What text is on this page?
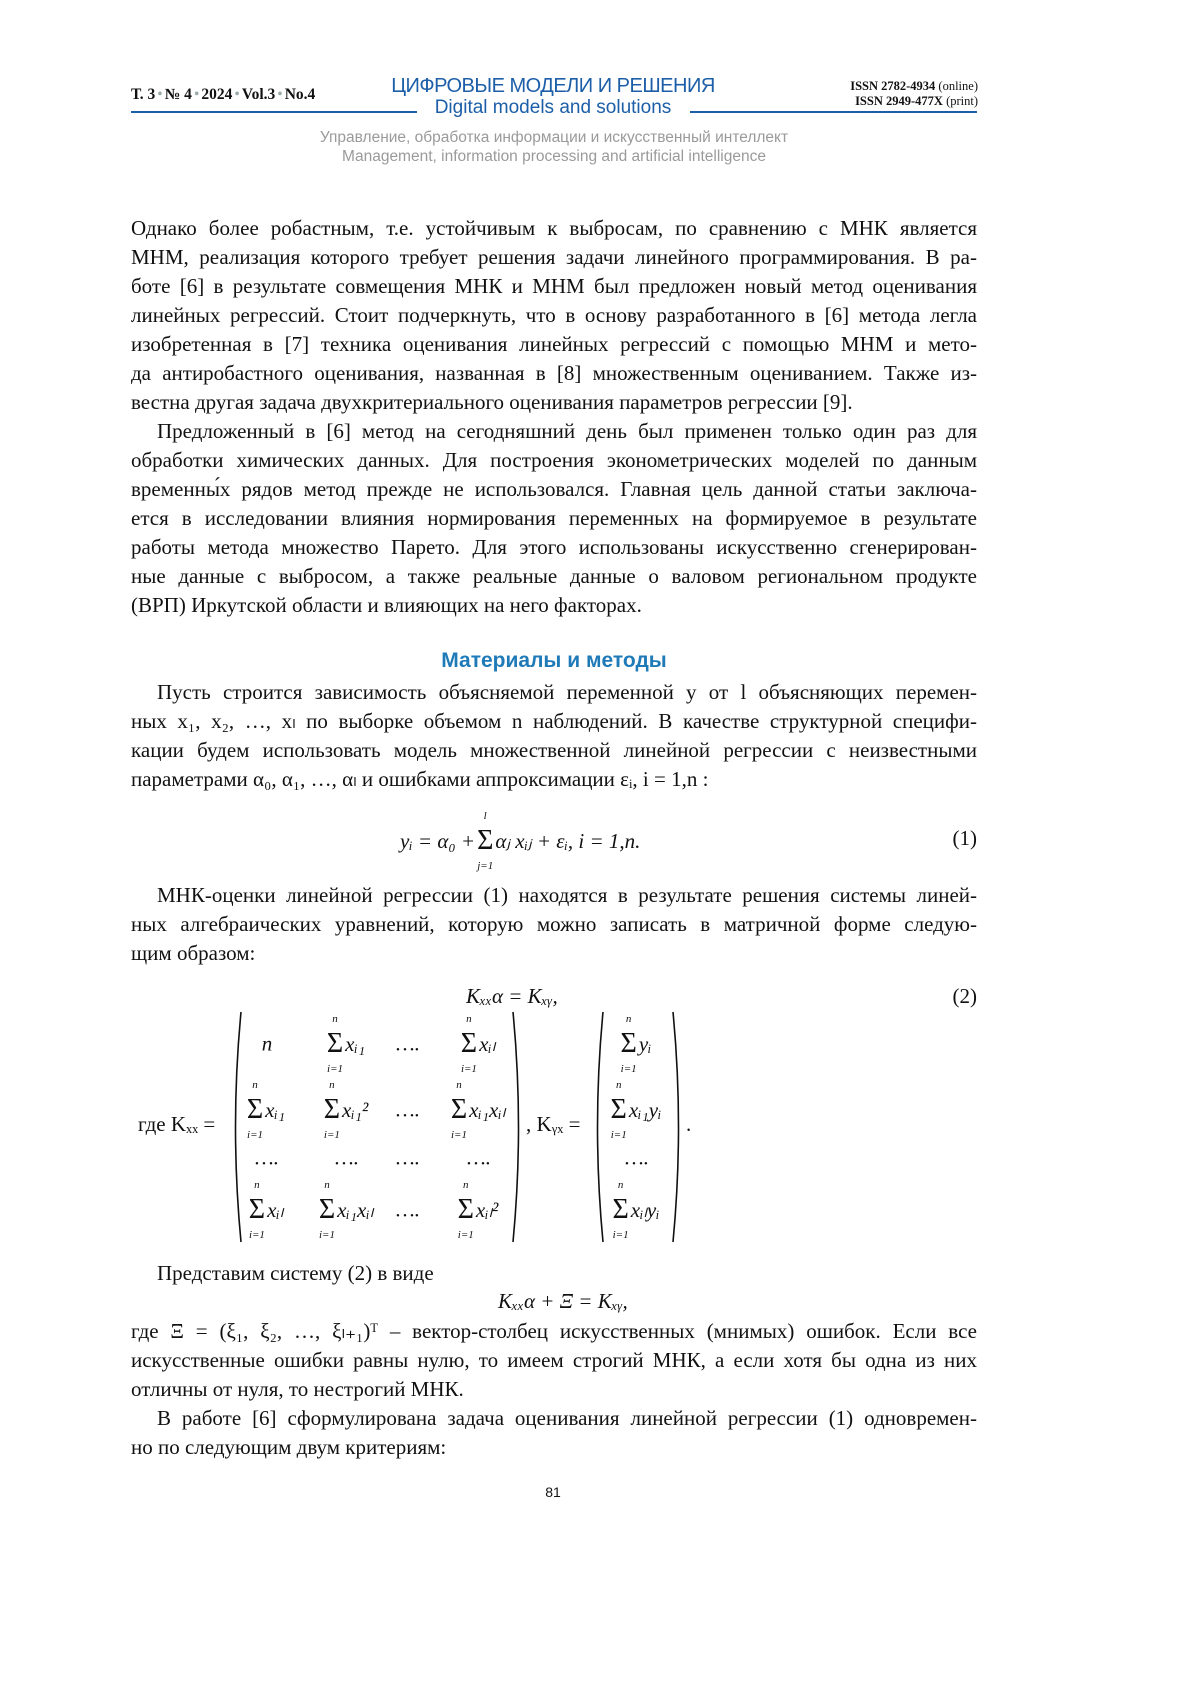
Т. 3 • № 4 • 2024 • Vol.3 • No.4	ЦИФРОВЫЕ МОДЕЛИ И РЕШЕНИЯ
Digital models and solutions
ISSN 2782-4934 (online)
ISSN 2949-477X (print)
Управление, обработка информации и искусственный интеллект
Management, information processing and artificial intelligence
Материалы и методы
yᵢ = α₀ +
l
Σ
j=1
αⱼ xᵢⱼ + εᵢ, i = 1,n.	(1)
Kₓₓα = Kₓᵧ,	(2)
где Kₓₓ =	, Kᵧₓ =	.
n
n
Σ
i=1
xᵢ₁ ….
n
Σ
i=1
xᵢₗ
n
Σ
i=1
xᵢ₁
n
Σ
i=1
xᵢ₁² ….
n
Σ
i=1
xᵢ₁xᵢₗ
….	…. …. ….
n
Σ
i=1
xᵢₗ
n
Σ
i=1
xᵢ₁xᵢₗ ….
n
Σ
i=1
xᵢₗ²
n
Σ
i=1
yᵢ
n
Σ
i=1
xᵢ₁yᵢ
….
n
Σ
i=1
xᵢₗyᵢ
Kₓₓα + Ξ = Kₓᵧ,
81
Однако более робастным, т.е. устойчивым к выбросам, по сравнению с МНК является
МНМ, реализация которого требует решения задачи линейного программирования. В ра-
боте [6] в результате совмещения МНК и МНМ был предложен новый метод оценивания
линейных регрессий. Стоит подчеркнуть, что в основу разработанного в [6] метода легла
изобретенная в [7] техника оценивания линейных регрессий с помощью МНМ и мето-
да антиробастного оценивания, названная в [8] множественным оцениванием. Также из-
вестна другая задача двухкритериального оценивания параметров регрессии [9].
Предложенный в [6] метод на сегодняшний день был применен только один раз для
обработки химических данных. Для построения эконометрических моделей по данным
временны́х рядов метод прежде не использовался. Главная цель данной статьи заключа-
ется в исследовании влияния нормирования переменных на формируемое в результате
работы метода множество Парето. Для этого использованы искусственно сгенерирован-
ные данные с выбросом, а также реальные данные о валовом региональном продукте
(ВРП) Иркутской области и влияющих на него факторах.
Пусть строится зависимость объясняемой переменной y от l объясняющих перемен-
ных x₁, x₂, …, xₗ по выборке объемом n наблюдений. В качестве структурной специфи-
кации будем использовать модель множественной линейной регрессии с неизвестными
параметрами α₀, α₁, …, αₗ и ошибками аппроксимации εᵢ, i = 1,n :
МНК-оценки линейной регрессии (1) находятся в результате решения системы линей-
ных алгебраических уравнений, которую можно записать в матричной форме следую-
щим образом:
Представим систему (2) в виде
где Ξ = (ξ₁, ξ₂, …, ξₗ₊₁)ᵀ – вектор-столбец искусственных (мнимых) ошибок. Если все
искусственные ошибки равны нулю, то имеем строгий МНК, а если хотя бы одна из них
отличны от нуля, то нестрогий МНК.
В работе [6] сформулирована задача оценивания линейной регрессии (1) одновремен-
но по следующим двум критериям:
